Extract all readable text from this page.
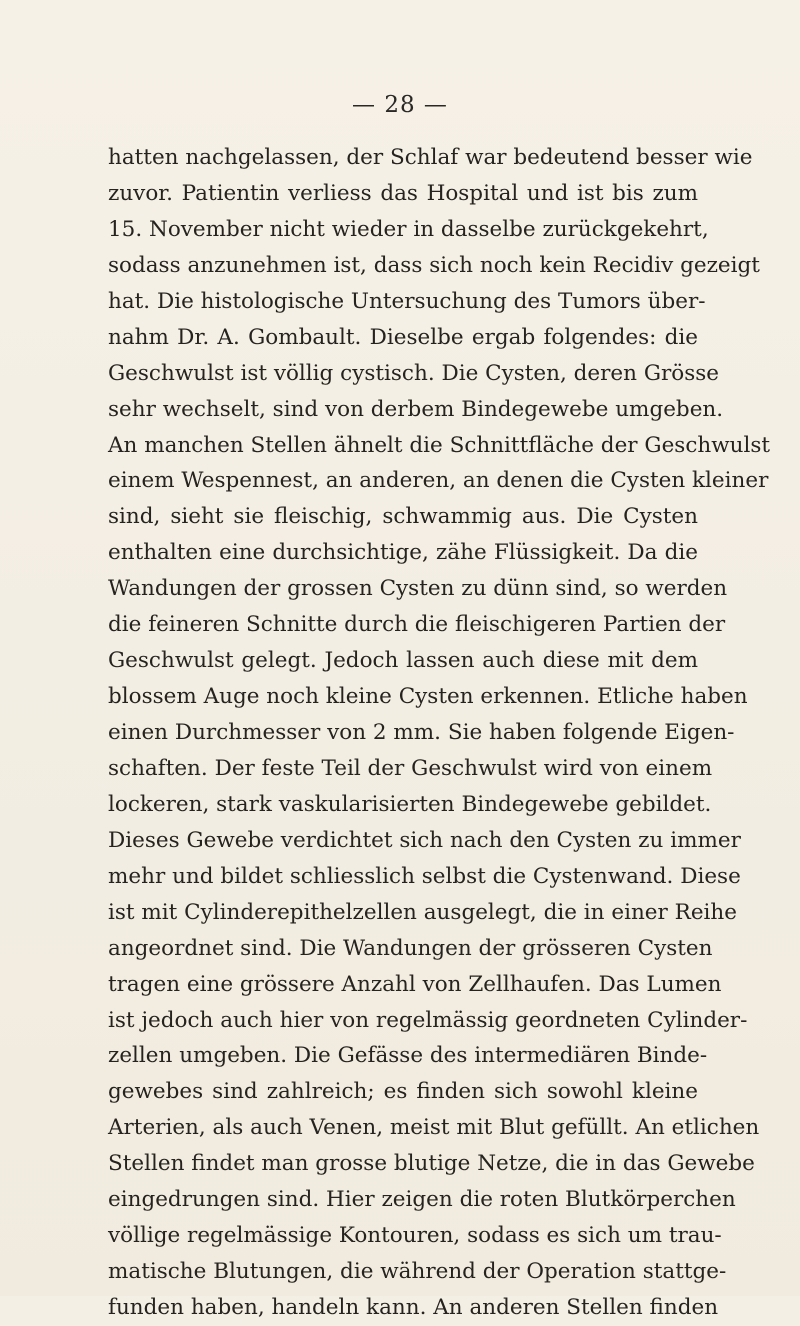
— 28 —
hatten nachgelassen, der Schlaf war bedeutend besser wie
zuvor. Patientin verliess das Hospital und ist bis zum
15. November nicht wieder in dasselbe zurückgekehrt,
sodass anzunehmen ist, dass sich noch kein Recidiv gezeigt
hat. Die histologische Untersuchung des Tumors über-
nahm Dr. A. Gombault. Dieselbe ergab folgendes: die
Geschwulst ist völlig cystisch. Die Cysten, deren Grösse
sehr wechselt, sind von derbem Bindegewebe umgeben.
An manchen Stellen ähnelt die Schnittfläche der Geschwulst
einem Wespennest, an anderen, an denen die Cysten kleiner
sind, sieht sie fleischig, schwammig aus. Die Cysten
enthalten eine durchsichtige, zähe Flüssigkeit. Da die
Wandungen der grossen Cysten zu dünn sind, so werden
die feineren Schnitte durch die fleischigeren Partien der
Geschwulst gelegt. Jedoch lassen auch diese mit dem
blossem Auge noch kleine Cysten erkennen. Etliche haben
einen Durchmesser von 2 mm. Sie haben folgende Eigen-
schaften. Der feste Teil der Geschwulst wird von einem
lockeren, stark vaskularisierten Bindegewebe gebildet.
Dieses Gewebe verdichtet sich nach den Cysten zu immer
mehr und bildet schliesslich selbst die Cystenwand. Diese
ist mit Cylinderepithelzellen ausgelegt, die in einer Reihe
angeordnet sind. Die Wandungen der grösseren Cysten
tragen eine grössere Anzahl von Zellhaufen. Das Lumen
ist jedoch auch hier von regelmässig geordneten Cylinder-
zellen umgeben. Die Gefässe des intermediären Binde-
gewebes sind zahlreich; es finden sich sowohl kleine
Arterien, als auch Venen, meist mit Blut gefüllt. An etlichen
Stellen findet man grosse blutige Netze, die in das Gewebe
eingedrungen sind. Hier zeigen die roten Blutkörperchen
völlige regelmässige Kontouren, sodass es sich um trau-
matische Blutungen, die während der Operation stattge-
funden haben, handeln kann. An anderen Stellen finden
